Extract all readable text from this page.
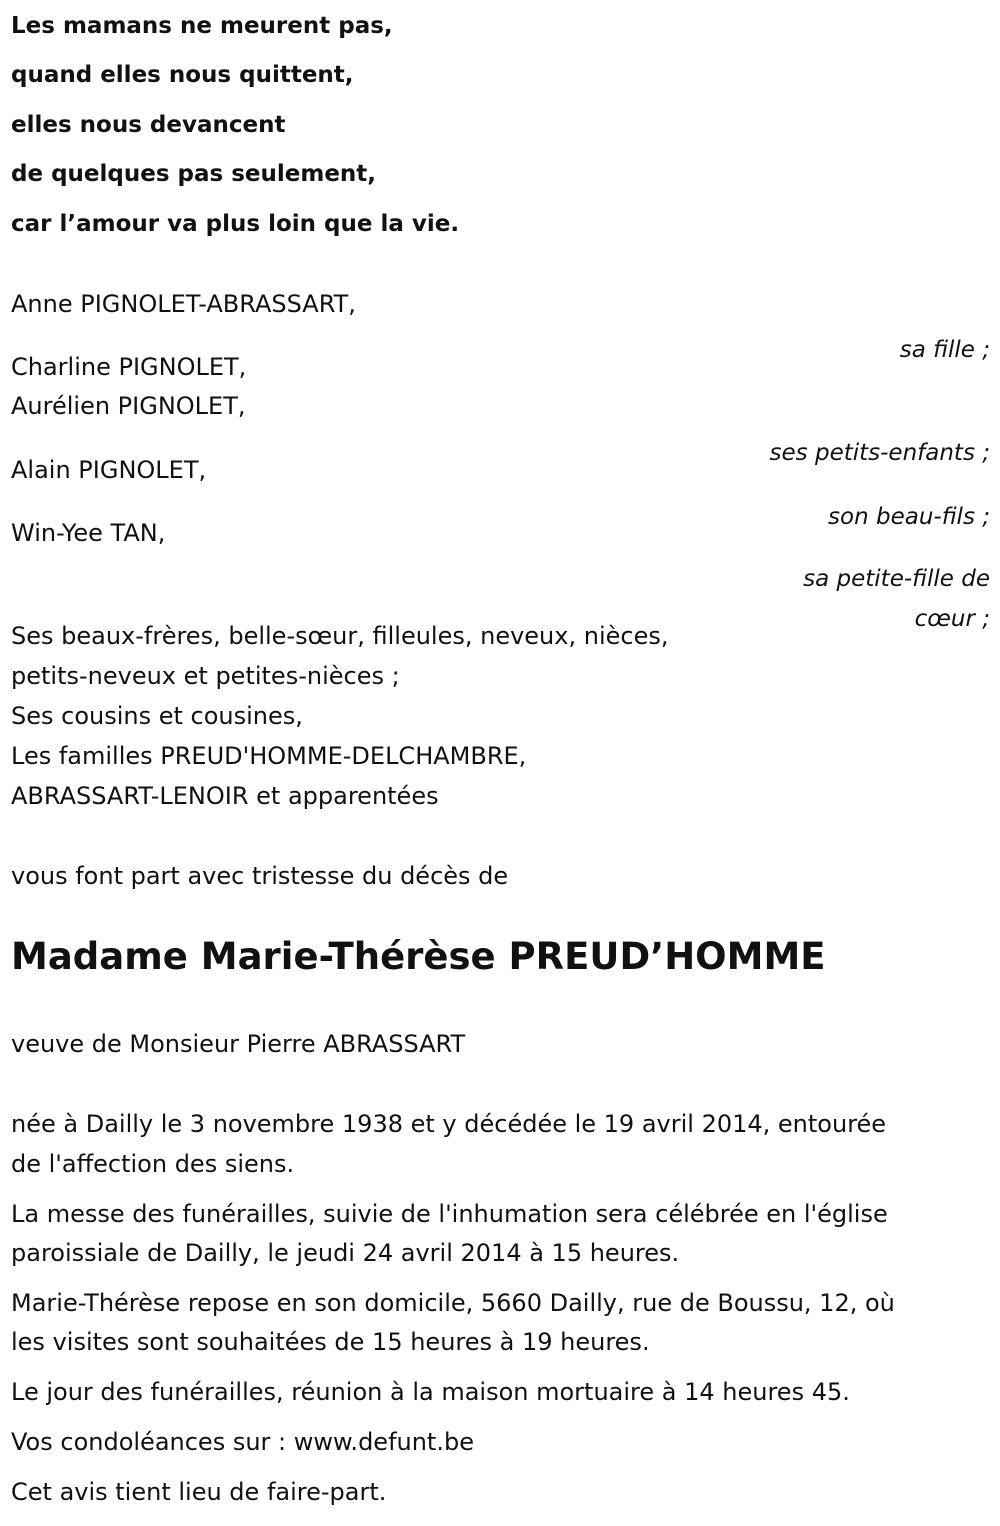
Les mamans ne meurent pas,

quand elles nous quittent,

elles nous devancent

de quelques pas seulement,

car l’amour va plus loin que la vie.

Anne PIGNOLET-ABRASSART,

sa fille ;

Charline PIGNOLET,

Aurélien PIGNOLET,

ses petits-enfants ;

Alain PIGNOLET,

son beau-fils ;

Win-Yee TAN,

sa petite-fille de

cœur ;

Ses beaux-frères, belle-sœur, filleules, neveux, nièces,

petits-neveux et petites-nièces ;

Ses cousins et cousines,

Les familles PREUD'HOMME-DELCHAMBRE,

ABRASSART-LENOIR et apparentées

vous font part avec tristesse du décès de

Madame Marie-Thérèse PREUD’HOMME

veuve de Monsieur Pierre ABRASSART

née à Dailly le 3 novembre 1938 et y décédée le 19 avril 2014, entourée

de l'affection des siens.

La messe des funérailles, suivie de l'inhumation sera célébrée en l'église

paroissiale de Dailly, le jeudi 24 avril 2014 à 15 heures.

Marie-Thérèse repose en son domicile, 5660 Dailly, rue de Boussu, 12, où

les visites sont souhaitées de 15 heures à 19 heures.

Le jour des funérailles, réunion à la maison mortuaire à 14 heures 45.

Vos condoléances sur : www.defunt.be

Cet avis tient lieu de faire-part.
